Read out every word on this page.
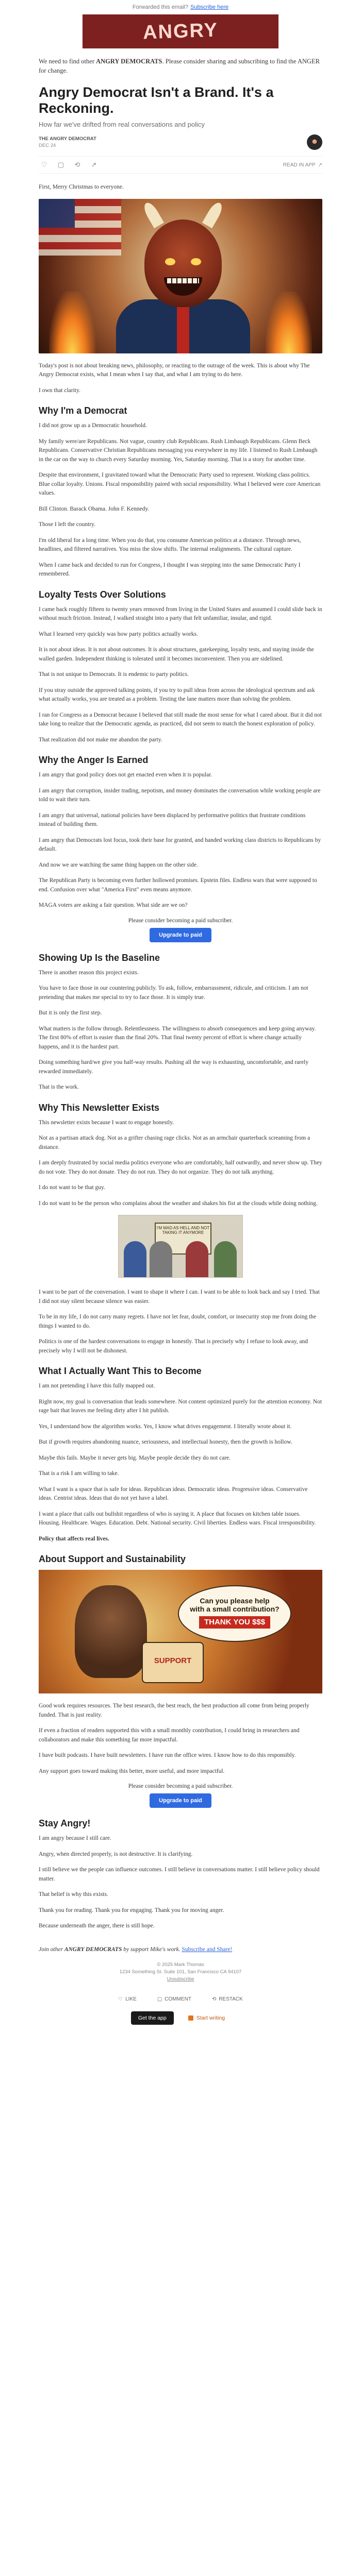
Forwarded this email? Subscribe here
ANGRY
We need to find other ANGRY DEMOCRATS. Please consider sharing and subscribing to find the ANGER for change.
Angry Democrat Isn't a Brand. It's a Reckoning.
How far we've drifted from real conversations and policy
THE ANGRY DEMOCRAT
DEC 24	☻
♡	▢	⟲	↗	READ IN APP ↗

First, Merry Christmas to everyone.

Today's post is not about breaking news, philosophy, or reacting to the outrage of the week. This is about why The Angry Democrat exists, what I mean when I say that, and what I am trying to do here.

I own that clarity.

Why I'm a Democrat

I did not grow up as a Democratic household.

My family were/are Republicans. Not vague, country club Republicans. Rush Limbaugh Republicans. Glenn Beck Republicans. Conservative Christian Republicans messaging you everywhere in my life. I listened to Rush Limbaugh in the car on the way to church every Saturday morning. Yes, Saturday morning. That is a story for another time.

Despite that environment, I gravitated toward what the Democratic Party used to represent. Working class politics. Blue collar loyalty. Unions. Fiscal responsibility paired with social responsibility. What I believed were core American values.

Bill Clinton. Barack Obama. John F. Kennedy.

Those I left the country.

I'm old liberal for a long time. When you do that, you consume American politics at a distance. Through news, headlines, and filtered narratives. You miss the slow shifts. The internal realignments. The cultural capture.

When I came back and decided to run for Congress, I thought I was stepping into the same Democratic Party I remembered.

Loyalty Tests Over Solutions

I came back roughly fifteen to twenty years removed from living in the United States and assumed I could slide back in without much friction. Instead, I walked straight into a party that felt unfamiliar, insular, and rigid.

What I learned very quickly was how party politics actually works.

It is not about ideas. It is not about outcomes. It is about structures, gatekeeping, loyalty tests, and staying inside the walled garden. Independent thinking is tolerated until it becomes inconvenient. Then you are sidelined.

That is not unique to Democrats. It is endemic to party politics.

If you stray outside the approved talking points, if you try to pull ideas from across the ideological spectrum and ask what actually works, you are treated as a problem. Testing the lane matters more than solving the problem.

I ran for Congress as a Democrat because I believed that still made the most sense for what I cared about. But it did not take long to realize that the Democratic agenda, as practiced, did not seem to match the honest exploration of policy.

That realization did not make me abandon the party.

Why the Anger Is Earned

I am angry that good policy does not get enacted even when it is popular.

I am angry that corruption, insider trading, nepotism, and money dominates the conversation while working people are told to wait their turn.

I am angry that universal, national policies have been displaced by performative politics that frustrate conditions instead of building them.

I am angry that Democrats lost focus, took their base for granted, and handed working class districts to Republicans by default.

And now we are watching the same thing happen on the other side.

The Republican Party is becoming even further hollowed promises. Epstein files. Endless wars that were supposed to end. Confusion over what "America First" even means anymore.

MAGA voters are asking a fair question. What side are we on?

Please consider becoming a paid subscriber.
Upgrade to paid
Showing Up Is the Baseline

There is another reason this project exists.

You have to face those in our countering publicly. To ask, follow, embarrassment, ridicule, and criticism. I am not pretending that makes me special to try to face those. It is simply true.

But it is only the first step.

What matters is the follow through. Relentlessness. The willingness to absorb consequences and keep going anyway. The first 80% of effort is easier than the final 20%. That final twenty percent of effort is where change actually happens, and it is the hardest part.

Doing something hard/we give you half-way results. Pushing all the way is exhausting, uncomfortable, and rarely rewarded immediately.

That is the work.

Why This Newsletter Exists

This newsletter exists because I want to engage honestly.

Not as a partisan attack dog. Not as a grifter chasing rage clicks. Not as an armchair quarterback screaming from a distance.

I am deeply frustrated by social media politics everyone who are comfortably, half outwardly, and never show up. They do not vote. They do not donate. They do not run. They do not organize. They do not talk anything.

I do not want to be that guy.

I do not want to be the person who complains about the weather and shakes his fist at the clouds while doing nothing.

I'M MAD AS HELL AND NOT TAKING IT ANYMORE

I want to be part of the conversation. I want to shape it where I can. I want to be able to look back and say I tried. That I did not stay silent because silence was easier.

To be in my life, I do not carry many regrets. I have not let fear, doubt, comfort, or insecurity stop me from doing the things I wanted to do.

Politics is one of the hardest conversations to engage in honestly. That is precisely why I refuse to look away, and precisely why I will not be dishonest.

What I Actually Want This to Become

I am not pretending I have this fully mapped out.

Right now, my goal is conversation that leads somewhere. Not content optimized purely for the attention economy. Not rage bait that leaves me feeling dirty after I hit publish.

Yes, I understand how the algorithm works. Yes, I know what drives engagement. I literally wrote about it.

But if growth requires abandoning nuance, seriousness, and intellectual honesty, then the growth is hollow.

Maybe this fails. Maybe it never gets big. Maybe people decide they do not care.

That is a risk I am willing to take.

What I want is a space that is safe for ideas. Republican ideas. Democratic ideas. Progressive ideas. Conservative ideas. Centrist ideas. Ideas that do not yet have a label.

I want a place that calls out bullshit regardless of who is saying it. A place that focuses on kitchen table issues. Housing. Healthcare. Wages. Education. Debt. National security. Civil liberties. Endless wars. Fiscal irresponsibility.

Policy that affects real lives.

About Support and Sustainability
Can you please help
with a small contribution?
THANK YOU $$$
SUPPORT

Good work requires resources. The best research, the best reach, the best production all come from being properly funded. That is just reality.

If even a fraction of readers supported this with a small monthly contribution, I could bring in researchers and collaborators and make this something far more impactful.

I have built podcasts. I have built newsletters. I have run the office wires. I know how to do this responsibly.

Any support goes toward making this better, more useful, and more impactful.

Please consider becoming a paid subscriber.
Upgrade to paid
Stay Angry!

I am angry because I still care.

Angry, when directed properly, is not destructive. It is clarifying.

I still believe we the people can influence outcomes. I still believe in conversations matter. I still believe policy should matter.

That belief is why this exists.

Thank you for reading. Thank you for engaging. Thank you for moving anger.

Because underneath the anger, there is still hope.

Join other ANGRY DEMOCRATS by support Mike's work. Subscribe and Share!
© 2025 Mark Thomas
1234 Something St. Suite 101, San Francisco CA 94107
Unsubscribe
♡ LIKE	▢ COMMENT	⟲ RESTACK
Get the app	Start writing
